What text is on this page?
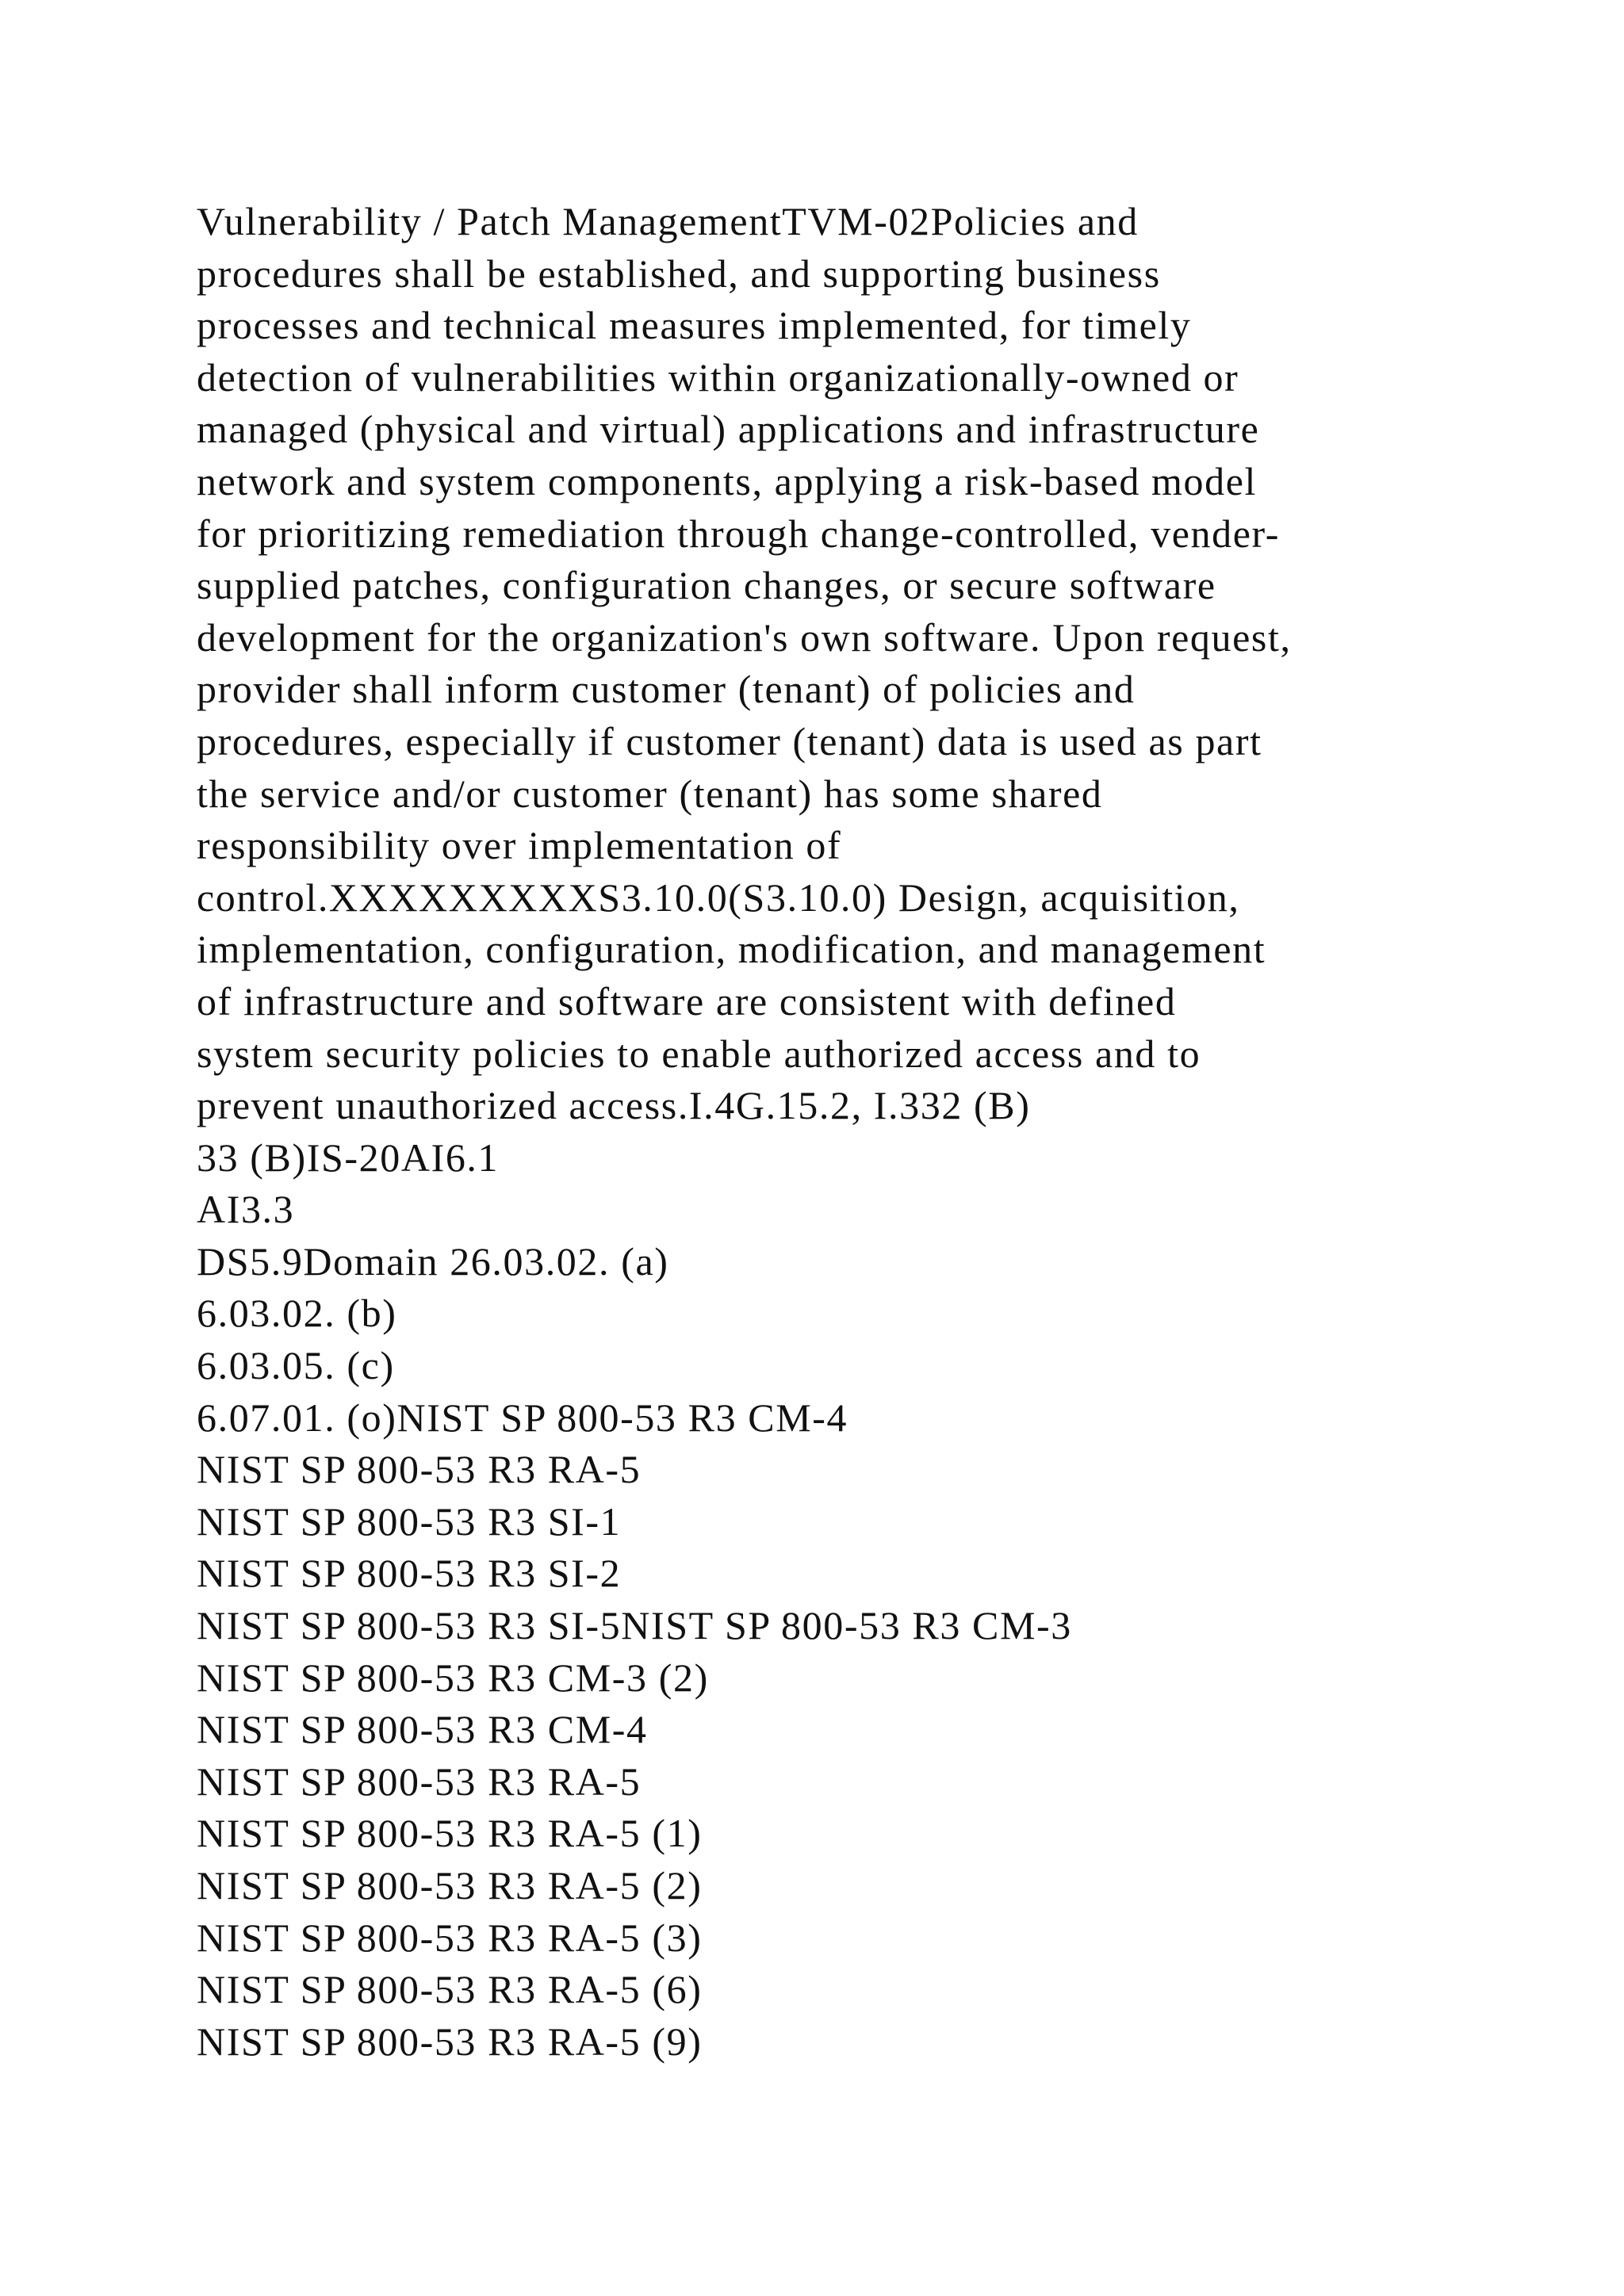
Vulnerability / Patch ManagementTVM-02Policies and
procedures shall be established, and supporting business
processes and technical measures implemented, for timely
detection of vulnerabilities within organizationally-owned or
managed (physical and virtual) applications and infrastructure
network and system components, applying a risk-based model
for prioritizing remediation through change-controlled, vender-
supplied patches, configuration changes, or secure software
development for the organization's own software. Upon request,
provider shall inform customer (tenant) of policies and
procedures, especially if customer (tenant) data is used as part
the service and/or customer (tenant) has some shared
responsibility over implementation of
control.XXXXXXXXXS3.10.0(S3.10.0) Design, acquisition,
implementation, configuration, modification, and management
of infrastructure and software are consistent with defined
system security policies to enable authorized access and to
prevent unauthorized access.I.4G.15.2, I.332 (B)
33 (B)IS-20AI6.1
AI3.3
DS5.9Domain 26.03.02. (a)
6.03.02. (b)
6.03.05. (c)
6.07.01. (o)NIST SP 800-53 R3 CM-4
NIST SP 800-53 R3 RA-5
NIST SP 800-53 R3 SI-1
NIST SP 800-53 R3 SI-2
NIST SP 800-53 R3 SI-5NIST SP 800-53 R3 CM-3
NIST SP 800-53 R3 CM-3 (2)
NIST SP 800-53 R3 CM-4
NIST SP 800-53 R3 RA-5
NIST SP 800-53 R3 RA-5 (1)
NIST SP 800-53 R3 RA-5 (2)
NIST SP 800-53 R3 RA-5 (3)
NIST SP 800-53 R3 RA-5 (6)
NIST SP 800-53 R3 RA-5 (9)
